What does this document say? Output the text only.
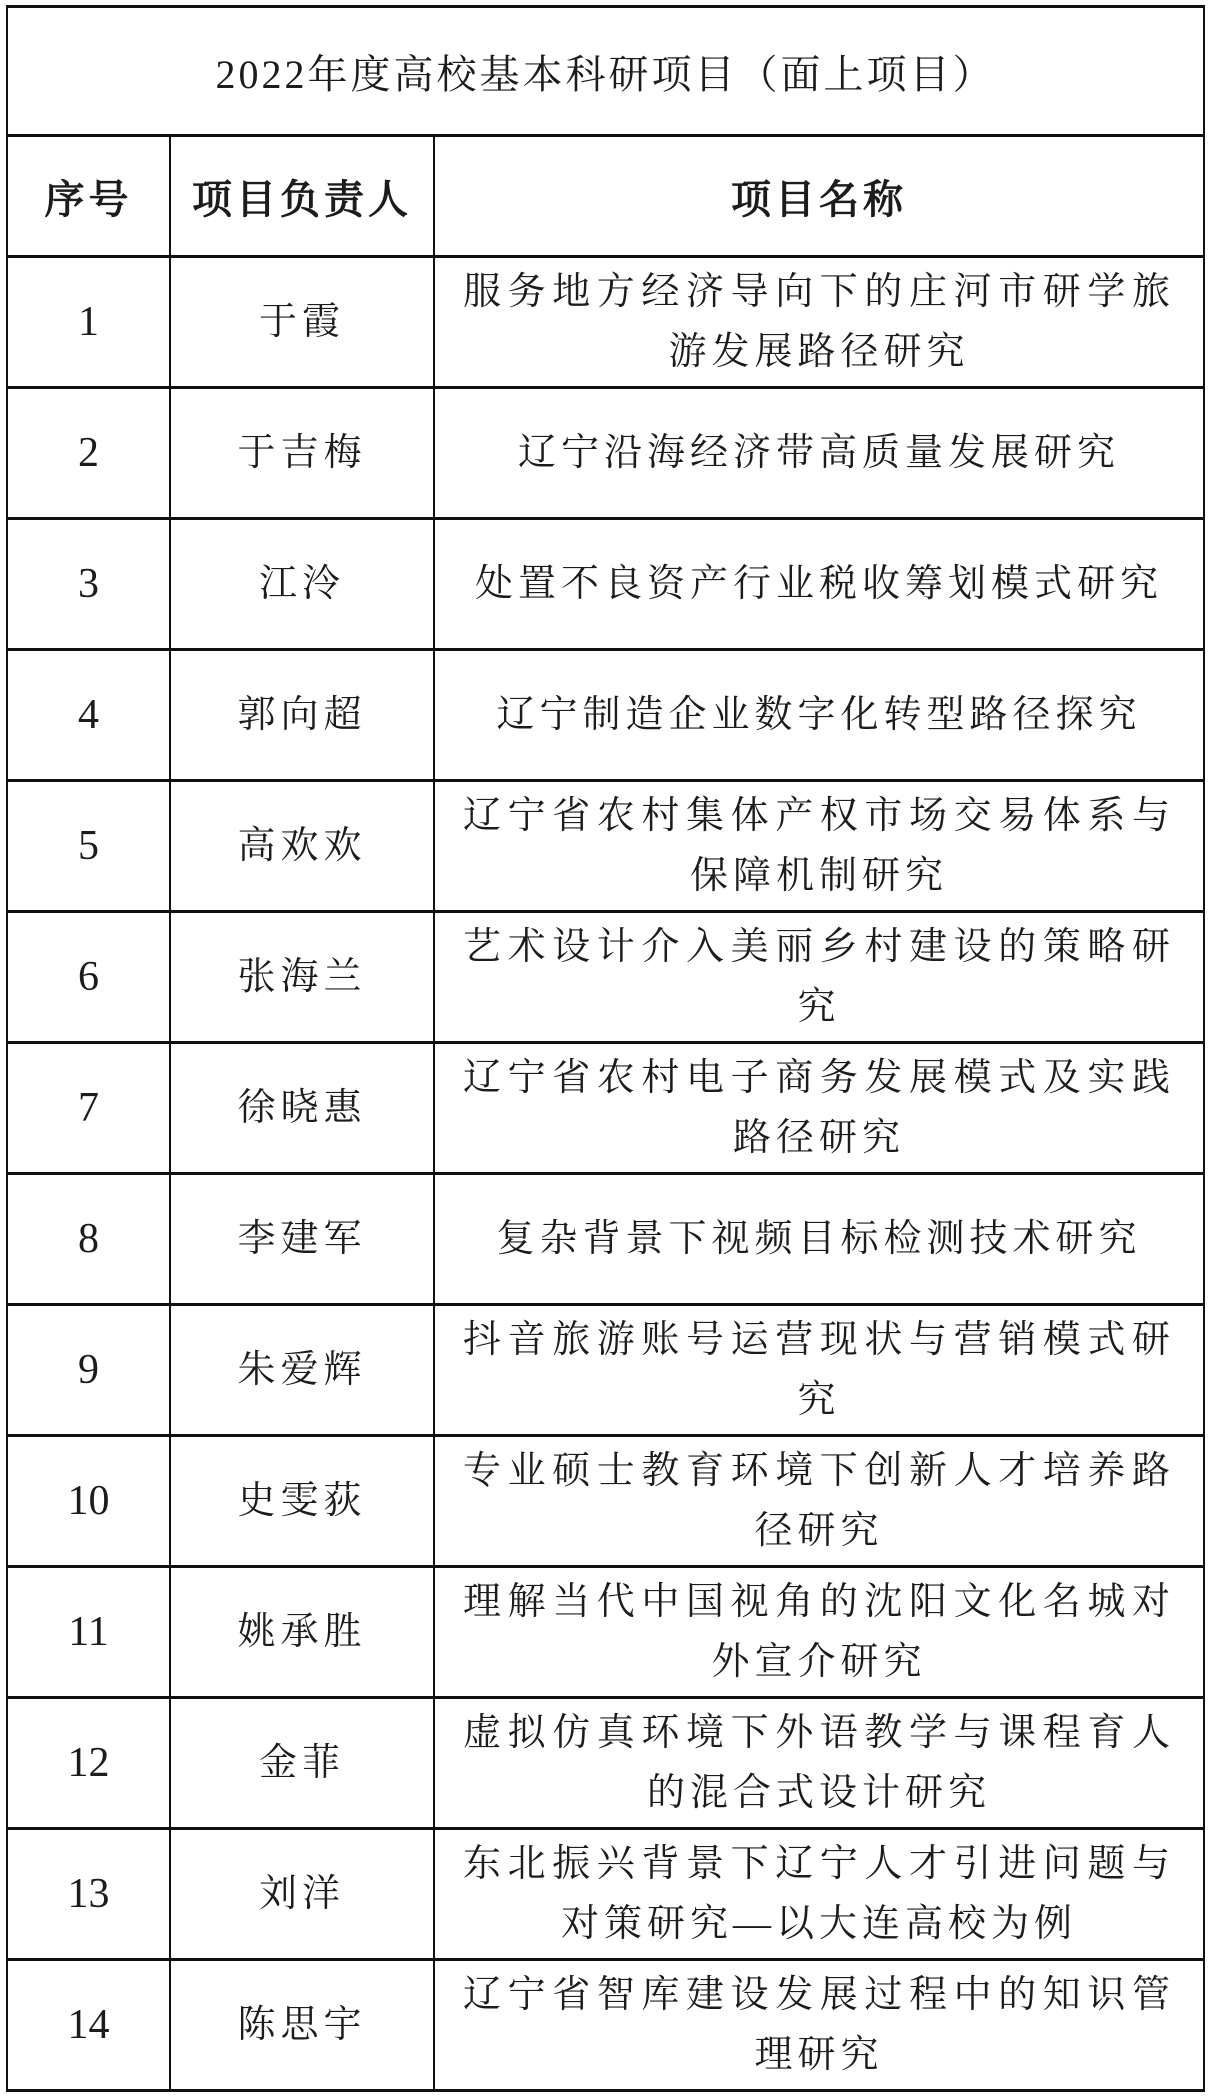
2022年度高校基本科研项目（面上项目）		
序号	项目负责人	项目名称
1	于霞	服务地方经济导向下的庄河市研学旅游发展路径研究
2	于吉梅	辽宁沿海经济带高质量发展研究
3	江泠	处置不良资产行业税收筹划模式研究
4	郭向超	辽宁制造企业数字化转型路径探究
5	高欢欢	辽宁省农村集体产权市场交易体系与保障机制研究
6	张海兰	艺术设计介入美丽乡村建设的策略研究
7	徐晓惠	辽宁省农村电子商务发展模式及实践路径研究
8	李建军	复杂背景下视频目标检测技术研究
9	朱爱辉	抖音旅游账号运营现状与营销模式研究
10	史雯荻	专业硕士教育环境下创新人才培养路径研究
11	姚承胜	理解当代中国视角的沈阳文化名城对外宣介研究
12	金菲	虚拟仿真环境下外语教学与课程育人的混合式设计研究
13	刘洋	东北振兴背景下辽宁人才引进问题与对策研究—以大连高校为例
14	陈思宇	辽宁省智库建设发展过程中的知识管理研究
